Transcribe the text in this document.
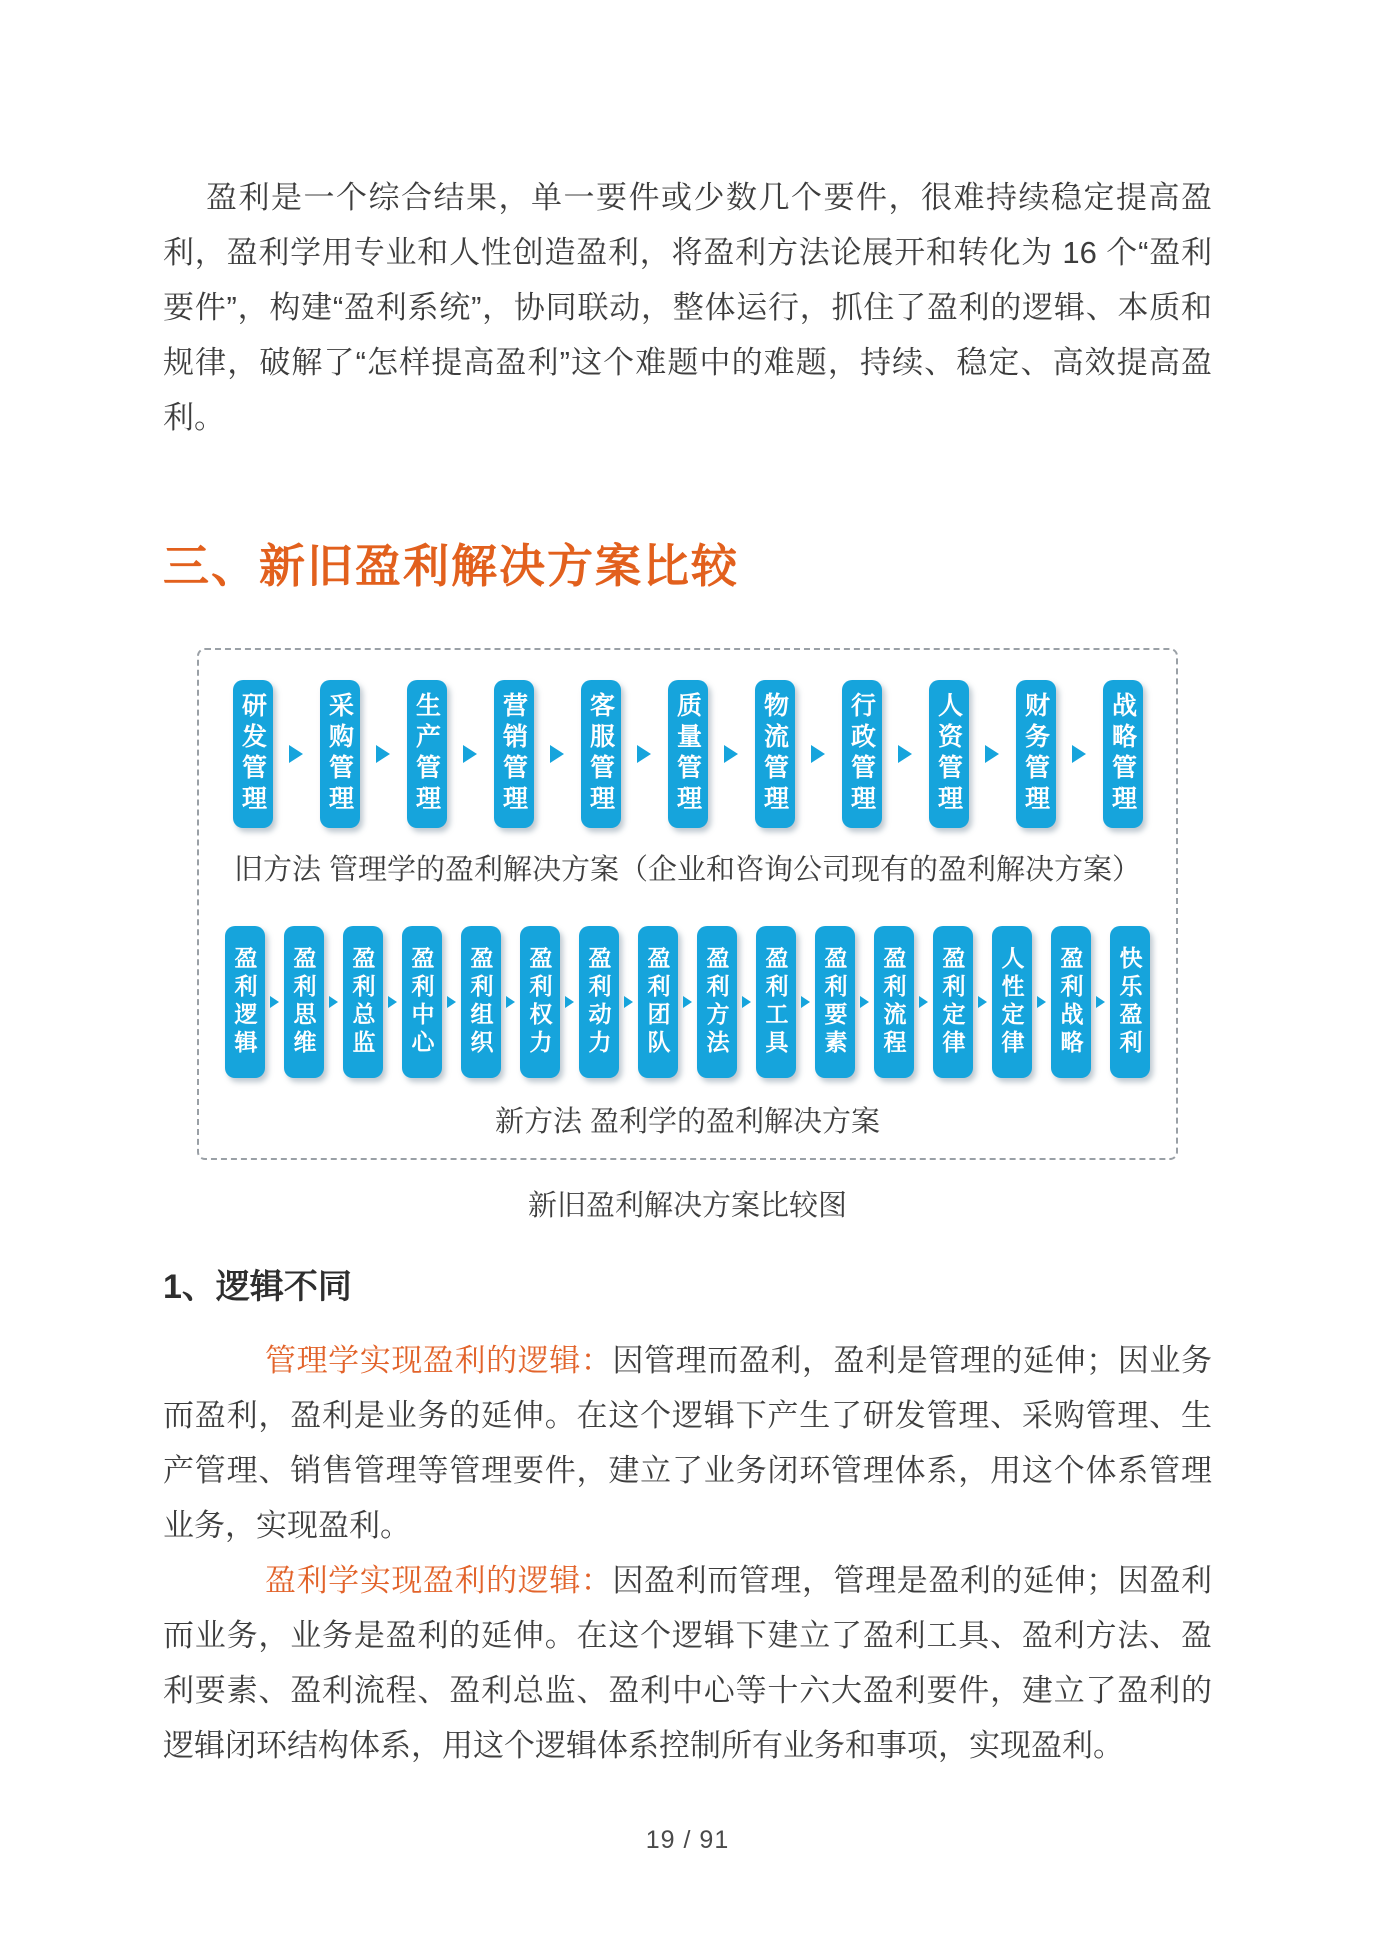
盈利是一个综合结果，单一要件或少数几个要件，很难持续稳定提高盈利，盈利学用专业和人性创造盈利，将盈利方法论展开和转化为 16 个“盈利要件”，构建“盈利系统”，协同联动，整体运行，抓住了盈利的逻辑、本质和规律，破解了“怎样提高盈利”这个难题中的难题，持续、稳定、高效提高盈利。

三、新旧盈利解决方案比较
研发管理 采购管理 生产管理 营销管理 客服管理 质量管理 物流管理 行政管理 人资管理 财务管理 战略管理
旧方法 管理学的盈利解决方案（企业和咨询公司现有的盈利解决方案）
盈利逻辑 盈利思维 盈利总监 盈利中心 盈利组织 盈利权力 盈利动力 盈利团队 盈利方法 盈利工具 盈利要素 盈利流程 盈利定律 人性定律 盈利战略 快乐盈利
新方法 盈利学的盈利解决方案
新旧盈利解决方案比较图
1、逻辑不同

管理学实现盈利的逻辑：因管理而盈利，盈利是管理的延伸；因业务而盈利，盈利是业务的延伸。在这个逻辑下产生了研发管理、采购管理、生产管理、销售管理等管理要件，建立了业务闭环管理体系，用这个体系管理业务，实现盈利。

盈利学实现盈利的逻辑：因盈利而管理，管理是盈利的延伸；因盈利而业务，业务是盈利的延伸。在这个逻辑下建立了盈利工具、盈利方法、盈利要素、盈利流程、盈利总监、盈利中心等十六大盈利要件，建立了盈利的逻辑闭环结构体系，用这个逻辑体系控制所有业务和事项，实现盈利。

19 / 91
